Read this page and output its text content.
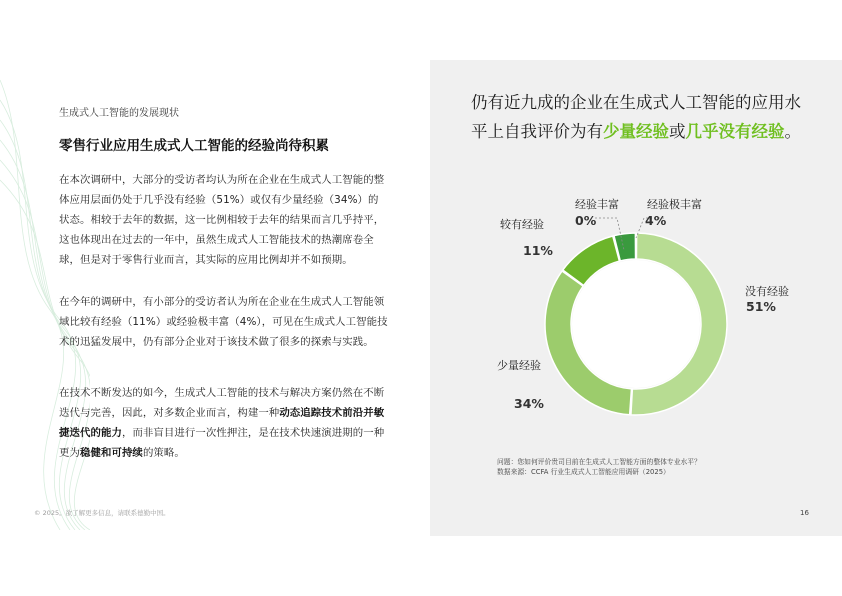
生成式人工智能的发展现状
零售行业应用生成式人工智能的经验尚待积累
在本次调研中，大部分的受访者均认为所在企业在生成式人工智能的整体应用层面仍处于几乎没有经验（51%）或仅有少量经验（34%）的状态。相较于去年的数据，这一比例相较于去年的结果而言几乎持平，这也体现出在过去的一年中，虽然生成式人工智能技术的热潮席卷全球，但是对于零售行业而言，其实际的应用比例却并不如预期。
在今年的调研中，有小部分的受访者认为所在企业在生成式人工智能领域比较有经验（11%）或经验极丰富（4%），可见在生成式人工智能技术的迅猛发展中，仍有部分企业对于该技术做了很多的探索与实践。
在技术不断发达的如今，生成式人工智能的技术与解决方案仍然在不断迭代与完善，因此，对多数企业而言，构建一种动态追踪技术前沿并敏捷迭代的能力，而非盲目进行一次性押注，是在技术快速演进期的一种更为稳健和可持续的策略。
© 2025。欲了解更多信息，请联系德勤中国。
仍有近九成的企业在生成式人工智能的应用水平上自我评价为有少量经验或几乎没有经验。
没有经验
51%
少量经验
34%
较有经验
11%
经验丰富
0%
经验极丰富
4%
问题：您如何评价贵司目前在生成式人工智能方面的整体专业水平？
数据来源：CCFA 行业生成式人工智能应用调研（2025）
16
